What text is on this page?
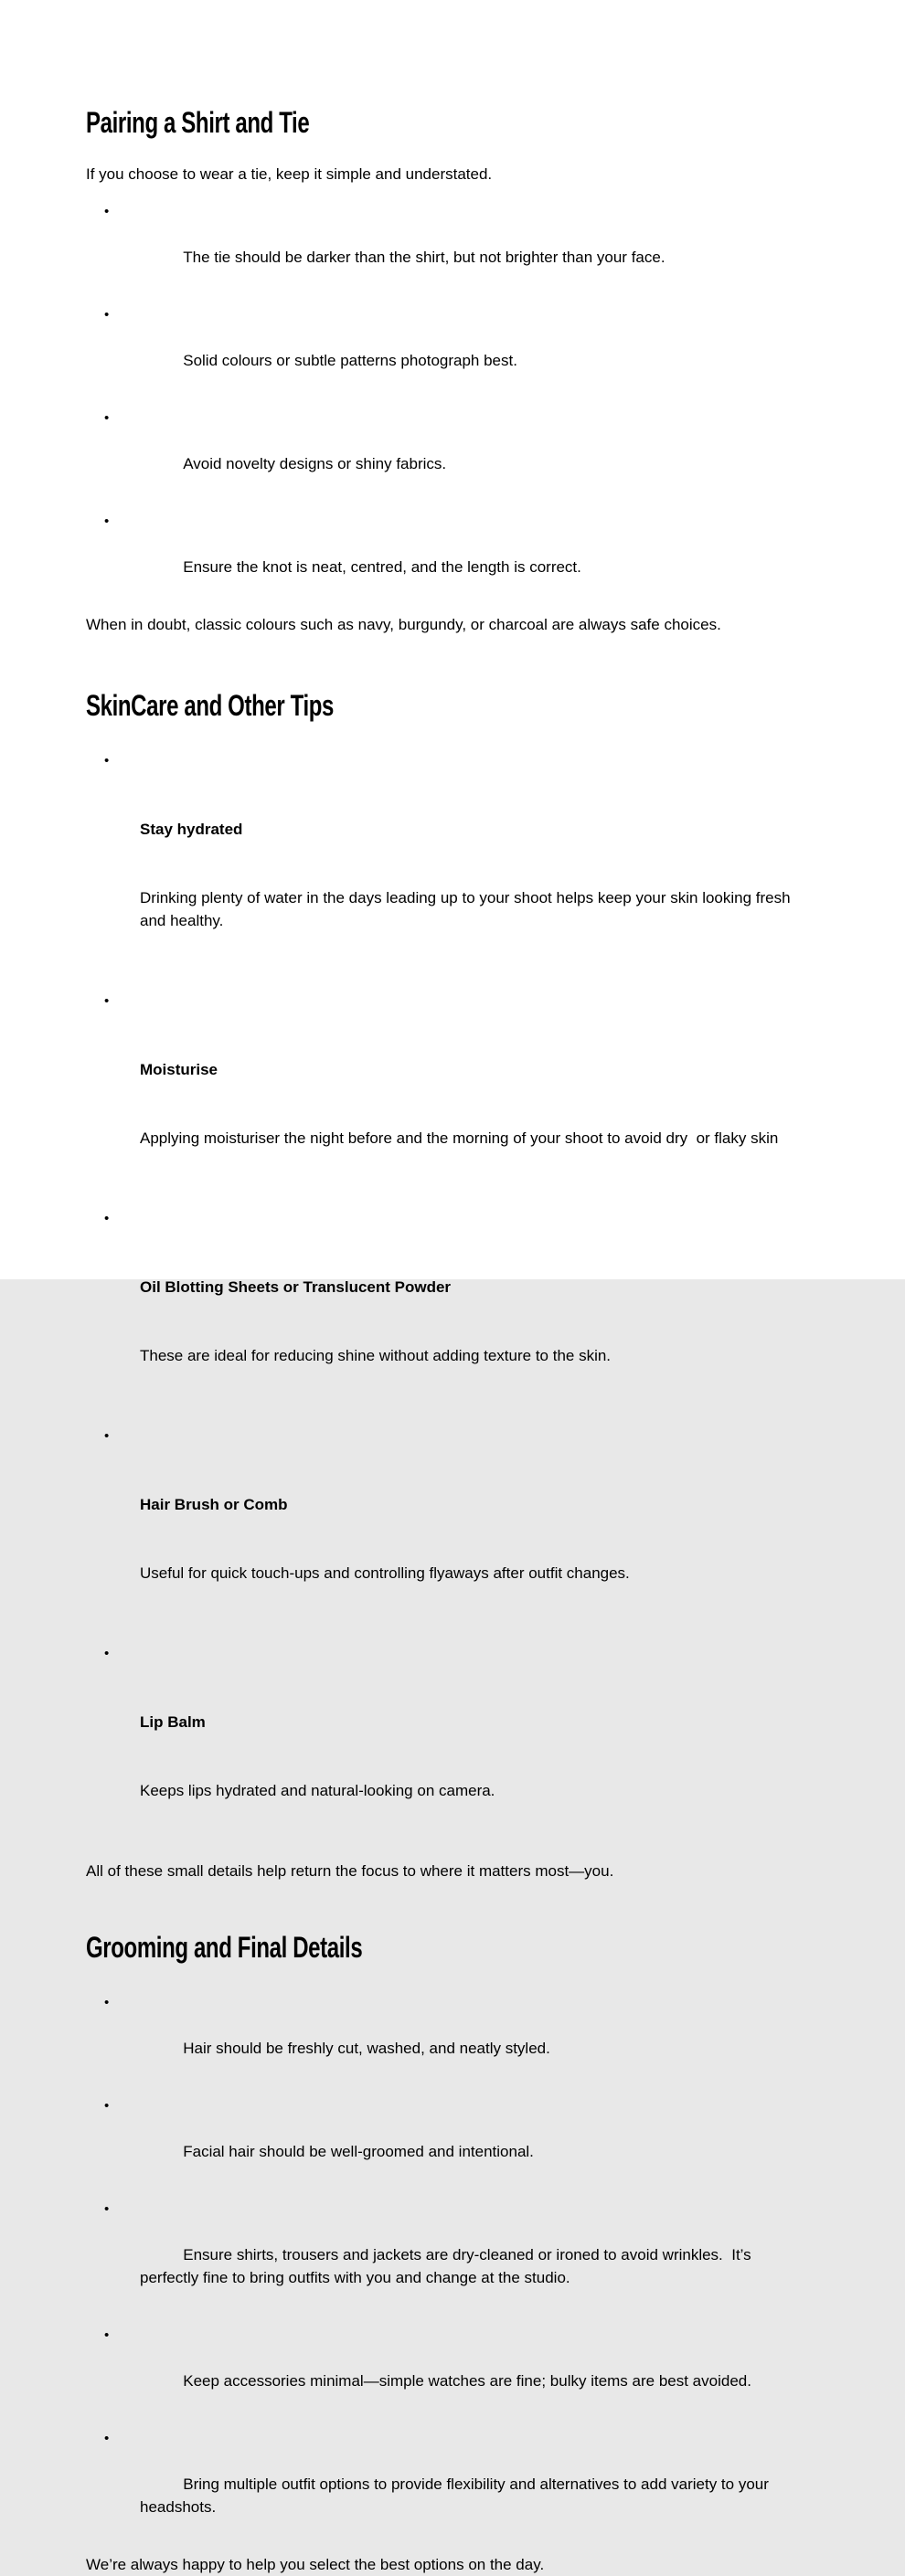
Pairing a Shirt and Tie

If you choose to wear a tie, keep it simple and understated.

•

The tie should be darker than the shirt, but not brighter than your face.

•

Solid colours or subtle patterns photograph best.

•

Avoid novelty designs or shiny fabrics.

•

Ensure the knot is neat, centred, and the length is correct.

When in doubt, classic colours such as navy, burgundy, or charcoal are always safe choices.

SkinCare and Other Tips

•

Stay hydrated

Drinking plenty of water in the days leading up to your shoot helps keep your skin looking fresh and healthy.

•

Moisturise

Applying moisturiser the night before and the morning of your shoot to avoid dry  or flaky skin

•

Oil Blotting Sheets or Translucent Powder

These are ideal for reducing shine without adding texture to the skin.

•

Hair Brush or Comb

Useful for quick touch-ups and controlling flyaways after outfit changes.

•

Lip Balm

Keeps lips hydrated and natural-looking on camera.

All of these small details help return the focus to where it matters most—you.

Grooming and Final Details

•

Hair should be freshly cut, washed, and neatly styled.

•

Facial hair should be well-groomed and intentional.

•

Ensure shirts, trousers and jackets are dry-cleaned or ironed to avoid wrinkles.  It’s perfectly fine to bring outfits with you and change at the studio.

•

Keep accessories minimal—simple watches are fine; bulky items are best avoided.

•

Bring multiple outfit options to provide flexibility and alternatives to add variety to your headshots.

We’re always happy to help you select the best options on the day.
